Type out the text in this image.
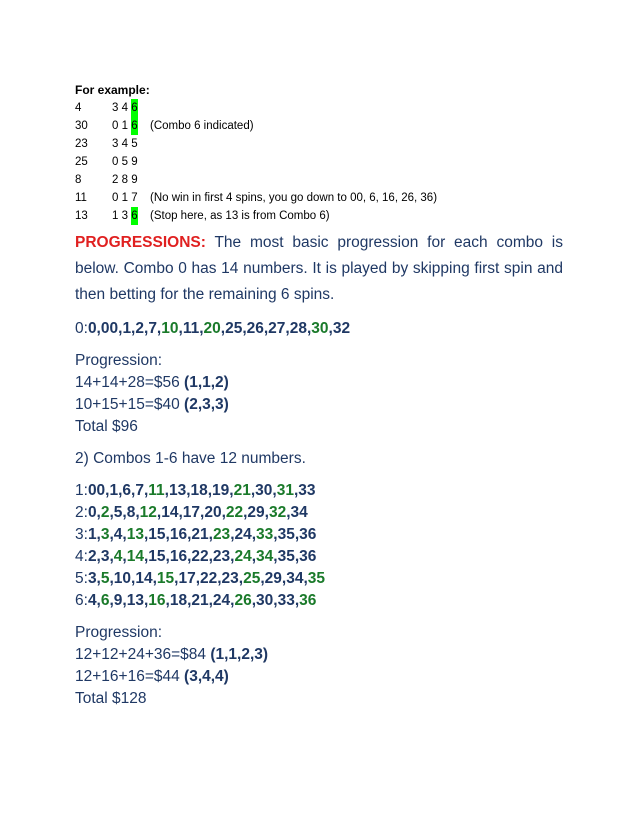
For example:
4	3 4 6
30 0 1 6 (Combo 6 indicated)
23 3 4 5
25 0 5 9
8	2 8 9
11 0 1 7 (No win in first 4 spins, you go down to 00, 6, 16, 26, 36)
13 1 3 6 (Stop here, as 13 is from Combo 6)

PROGRESSIONS: The most basic progression for each combo is below. Combo 0 has 14 numbers. It is played by skipping first spin and then betting for the remaining 6 spins.

0:0,00,1,2,7,10,11,20,25,26,27,28,30,32
Progression:
14+14+28=$56 (1,1,2)
10+15+15=$40 (2,3,3)
Total $96
2) Combos 1-6 have 12 numbers.
1:00,1,6,7,11,13,18,19,21,30,31,33
2:0,2,5,8,12,14,17,20,22,29,32,34
3:1,3,4,13,15,16,21,23,24,33,35,36
4:2,3,4,14,15,16,22,23,24,34,35,36
5:3,5,10,14,15,17,22,23,25,29,34,35
6:4,6,9,13,16,18,21,24,26,30,33,36
Progression:
12+12+24+36=$84 (1,1,2,3)
12+16+16=$44 (3,4,4)
Total $128
